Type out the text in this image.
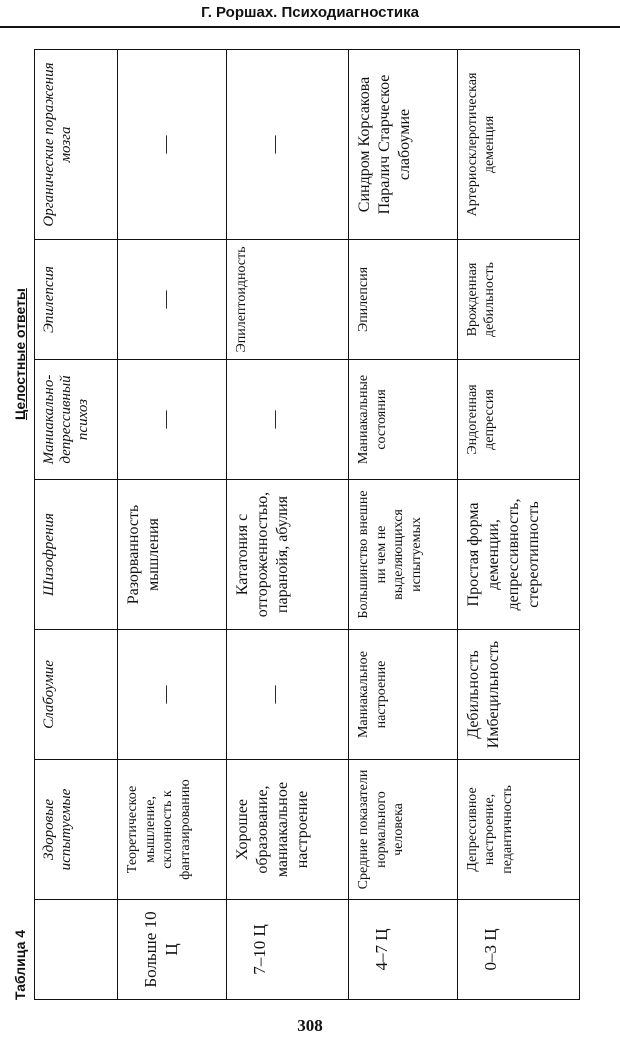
Г. Роршах. Психодиагностика
Таблица 4
Целостные ответы
	Здоровые испытуемые	Слабоумие	Шизофрения	Маниакально-депрессивный психоз	Эпилепсия	Органические поражения мозга
Больше 10 Ц	Теоретическое мышление, склонность к фантазированию	—	Разорванность мышления	—	—	—
7–10 Ц	Хорошее образование, маниакальное настроение	—	Кататония с отгороженностью, паранойя, абулия	—	Эпилептоидность	—
4–7 Ц	Средние показатели нормального человека	Маниакальное настроение	Большинство внешне ни чем не выделяющихся испытуемых	Маниакальные состояния	Эпилепсия	Синдром Корсакова Паралич Старческое слабоумие
0–3 Ц	Депрессивное настроение, педантичность	Дебильность Имбецильность	Простая форма деменции, депрессивность, стереотипность	Эндогенная депрессия	Врожденная дебильность	Артериосклеротическая деменция
308
